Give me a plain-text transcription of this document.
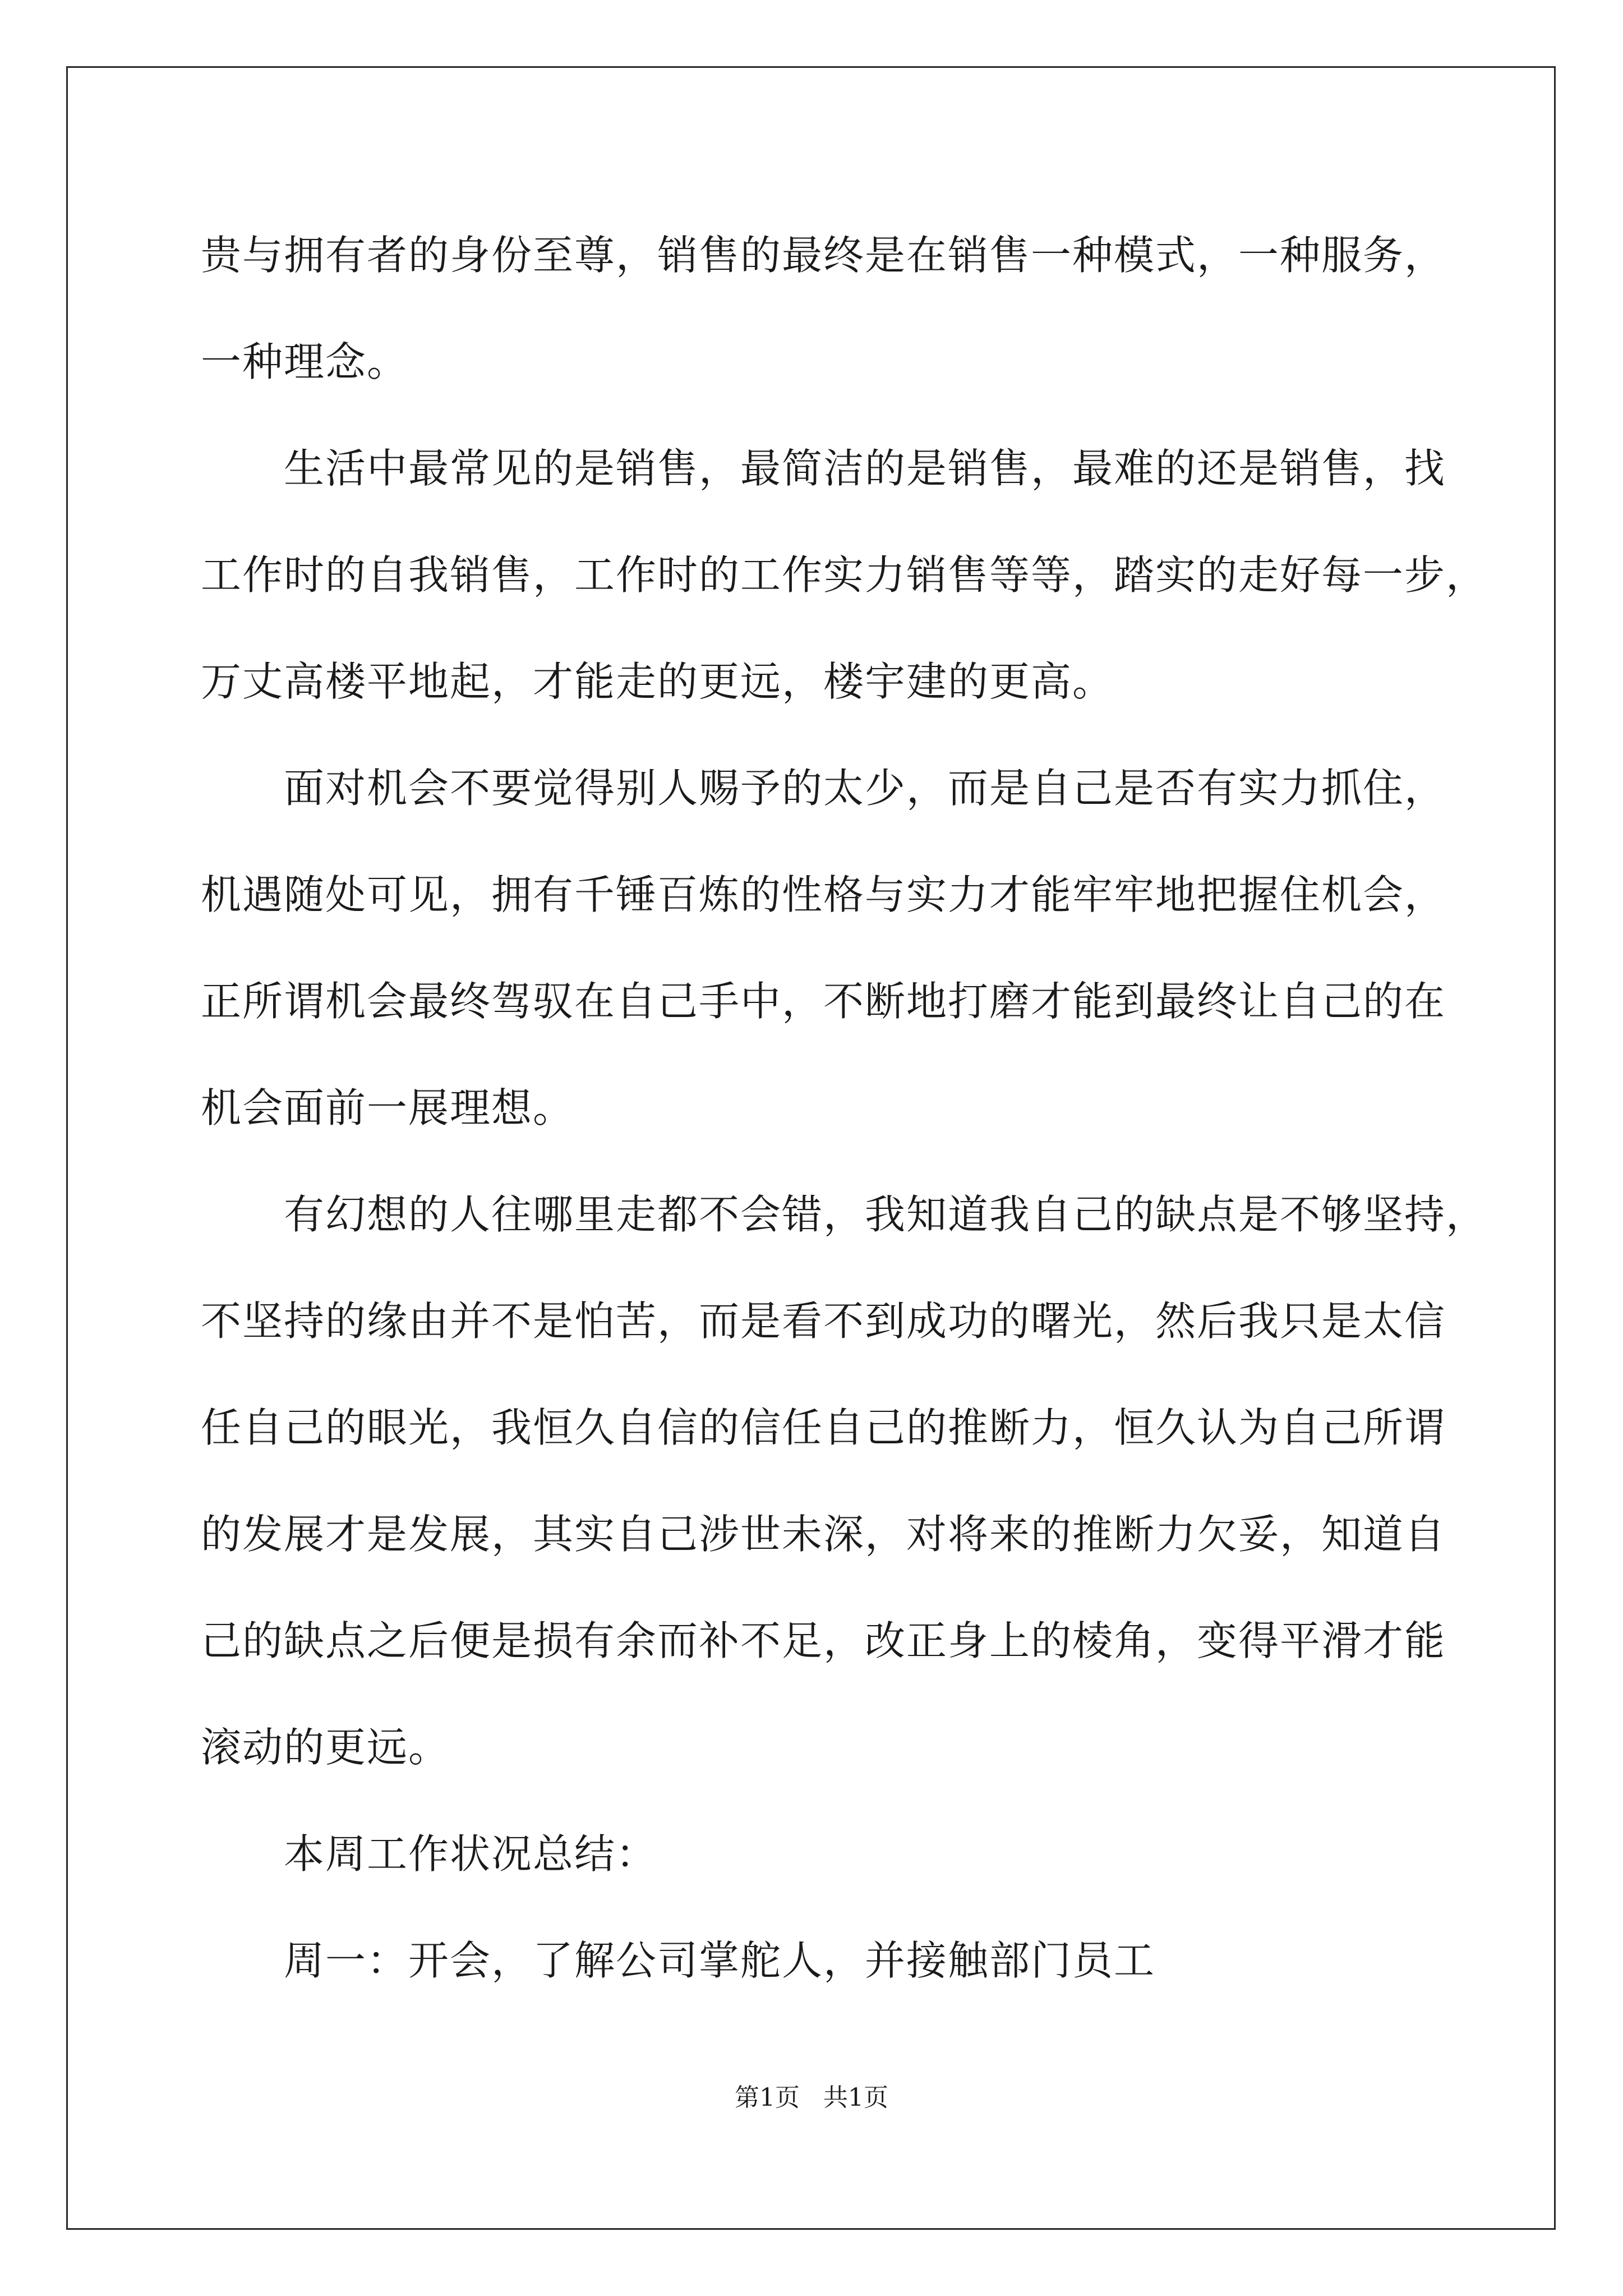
贵与拥有者的身份至尊，销售的最终是在销售一种模式，一种服务，
一种理念。
生活中最常见的是销售，最简洁的是销售，最难的还是销售，找
工作时的自我销售，工作时的工作实力销售等等，踏实的走好每一步，
万丈高楼平地起，才能走的更远，楼宇建的更高。
面对机会不要觉得别人赐予的太少，而是自己是否有实力抓住，
机遇随处可见，拥有千锤百炼的性格与实力才能牢牢地把握住机会，
正所谓机会最终驾驭在自己手中，不断地打磨才能到最终让自己的在
机会面前一展理想。
有幻想的人往哪里走都不会错，我知道我自己的缺点是不够坚持，
不坚持的缘由并不是怕苦，而是看不到成功的曙光，然后我只是太信
任自己的眼光，我恒久自信的信任自己的推断力，恒久认为自己所谓
的发展才是发展，其实自己涉世未深，对将来的推断力欠妥，知道自
己的缺点之后便是损有余而补不足，改正身上的棱角，变得平滑才能
滚动的更远。
本周工作状况总结：
周一：开会，了解公司掌舵人，并接触部门员工
第1页   共1页
